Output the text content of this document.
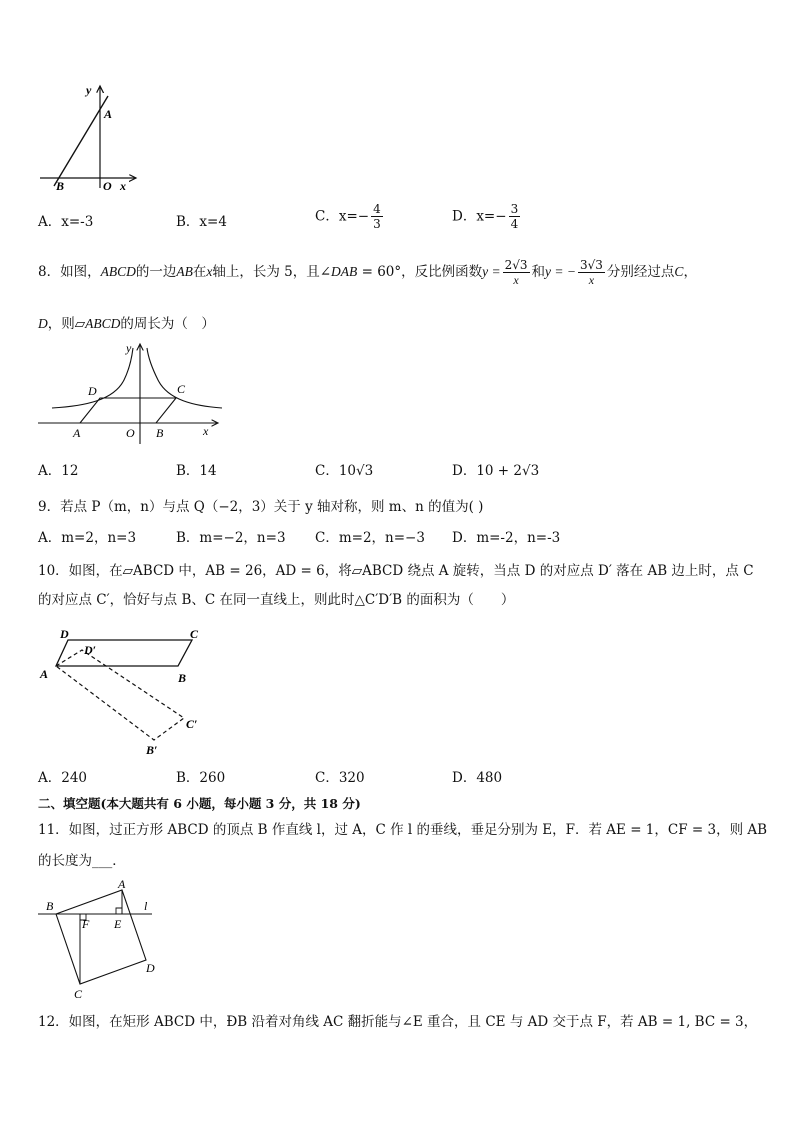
y
A
B	O x
A．x=-3	B．x=4	C．$x=- \frac{4}{3}$	D．$x=- \frac{3}{4}$
8．如图，ABCD的一边AB在x轴上，长为 5，且∠DAB = 60°，反比例函数$y = \frac{2√3}{x}$ 和y = − $\frac{3√3}{x}$ 分别经过点C，
D，则▱ABCD的周长为（　）
y
D	C
A	O B	x
A．12	B．14	C．10√3	D．10 + 2√3
9．若点 P（m，n）与点 Q（−2，3）关于 y 轴对称，则 m、n 的值为( )
A．m=2，n=3	B．m=−2，n=3 C．m=2，n=−3 D．m=-2，n=-3
10．如图，在▱ABCD 中，AB = 26，AD = 6，将▱ABCD 绕点 A 旋转，当点 D 的对应点 D′ 落在 AB 边上时，点 C
的对应点 C′，恰好与点 B、C 在同一直线上，则此时△C′D′B 的面积为（　　）
D
D′
C
A	B
C′
B′
A．240	B．260	C．320	D．480
二、填空题(本大题共有 6 小题，每小题 3 分，共 18 分)
11．如图，过正方形 ABCD 的顶点 B 作直线 l，过 A，C 作 l 的垂线，垂足分别为 E，F．若 AE = 1，CF = 3，则 AB
的长度为___．
A
B
F E
l
D
C
12．如图，在矩形 ABCD 中，ÐB 沿着对角线 AC 翻折能与∠E 重合，且 CE 与 AD 交于点 F，若 AB = 1, BC = 3，
